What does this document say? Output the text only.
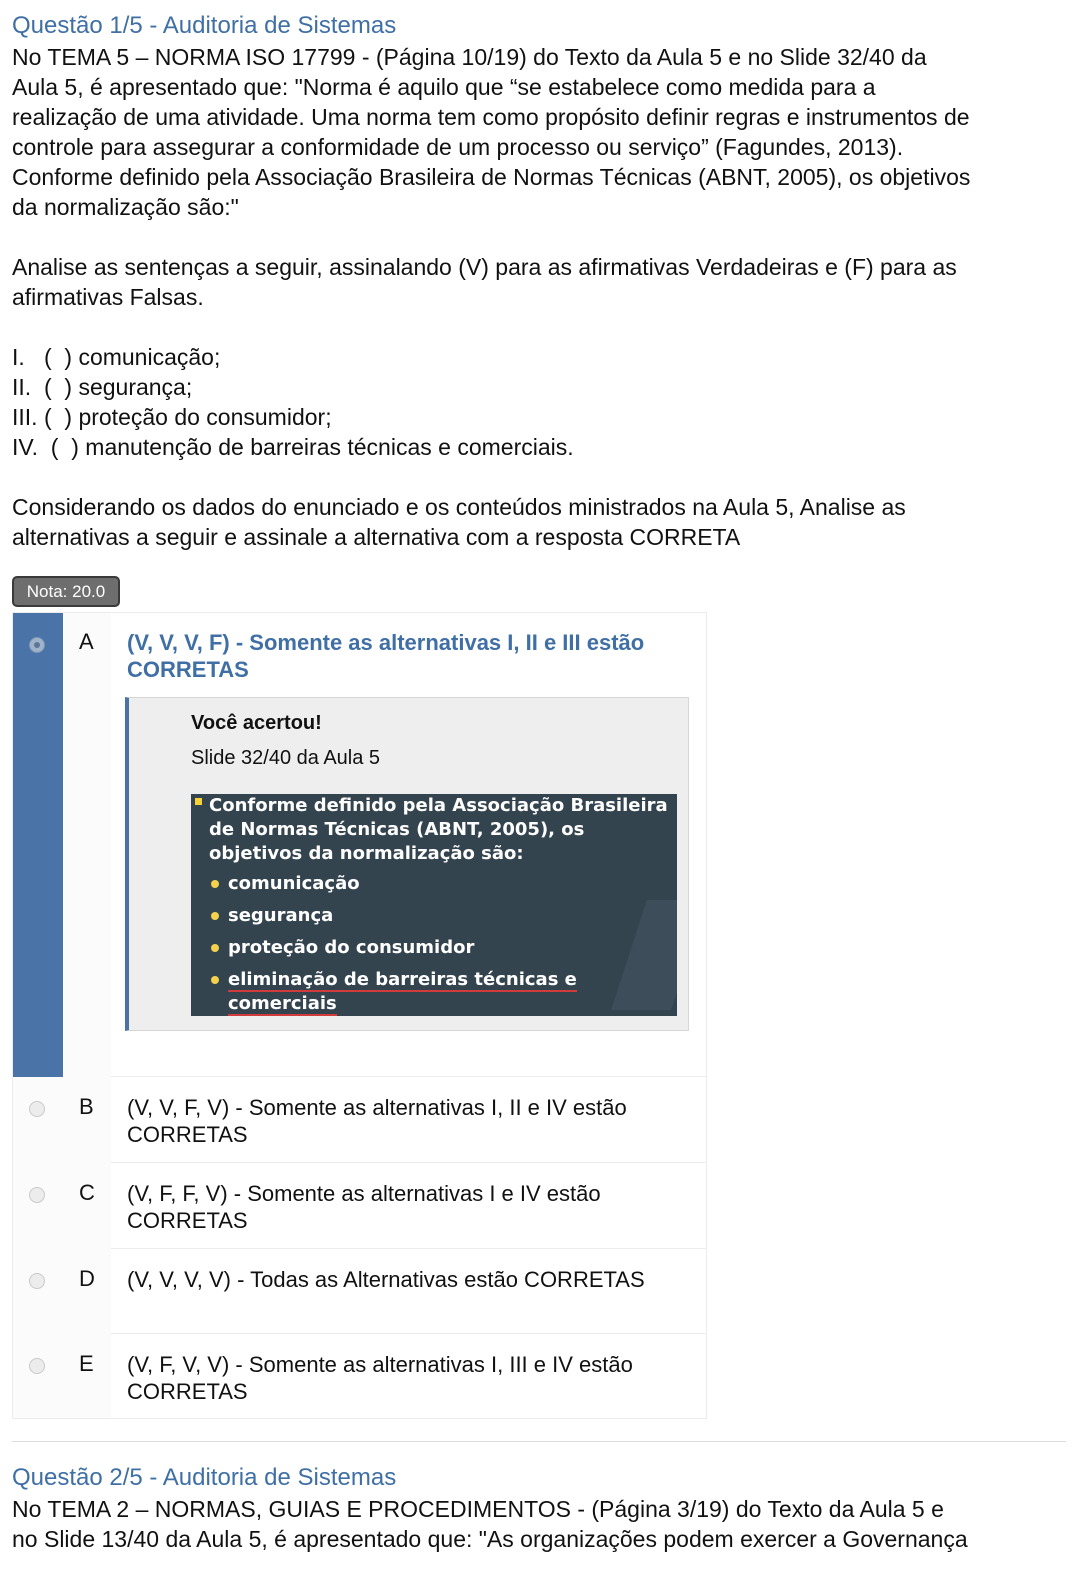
Questão 1/5 - Auditoria de Sistemas

No TEMA 5 – NORMA ISO 17799 - (Página 10/19) do Texto da Aula 5 e no Slide 32/40 da

Aula 5, é apresentado que: "Norma é aquilo que “se estabelece como medida para a

realização de uma atividade. Uma norma tem como propósito definir regras e instrumentos de

controle para assegurar a conformidade de um processo ou serviço” (Fagundes, 2013).

Conforme definido pela Associação Brasileira de Normas Técnicas (ABNT, 2005), os objetivos

da normalização são:"

Analise as sentenças a seguir, assinalando (V) para as afirmativas Verdadeiras e (F) para as

afirmativas Falsas.

I.   (  ) comunicação;

II.  (  ) segurança;

III. (  ) proteção do consumidor;

IV.  (  ) manutenção de barreiras técnicas e comerciais.

Considerando os dados do enunciado e os conteúdos ministrados na Aula 5, Analise as

alternativas a seguir e assinale a alternativa com a resposta CORRETA

Nota: 20.0
A (V, V, V, F) - Somente as alternativas I, II e III estão CORRETAS
Você acertou!
Slide 32/40 da Aula 5
Conforme definido pela Associação Brasileira de Normas Técnicas (ABNT, 2005), os objetivos da normalização são:
comunicação
segurança
proteção do consumidor
eliminação de barreiras técnicas e comerciais
B (V, V, F, V) - Somente as alternativas I, II e IV estão CORRETAS
C (V, F, F, V) - Somente as alternativas I e IV estão CORRETAS
D (V, V, V, V) - Todas as Alternativas estão CORRETAS
E (V, F, V, V) - Somente as alternativas I, III e IV estão CORRETAS
Questão 2/5 - Auditoria de Sistemas

No TEMA 2 – NORMAS, GUIAS E PROCEDIMENTOS - (Página 3/19) do Texto da Aula 5 e

no Slide 13/40 da Aula 5, é apresentado que: "As organizações podem exercer a Governança
